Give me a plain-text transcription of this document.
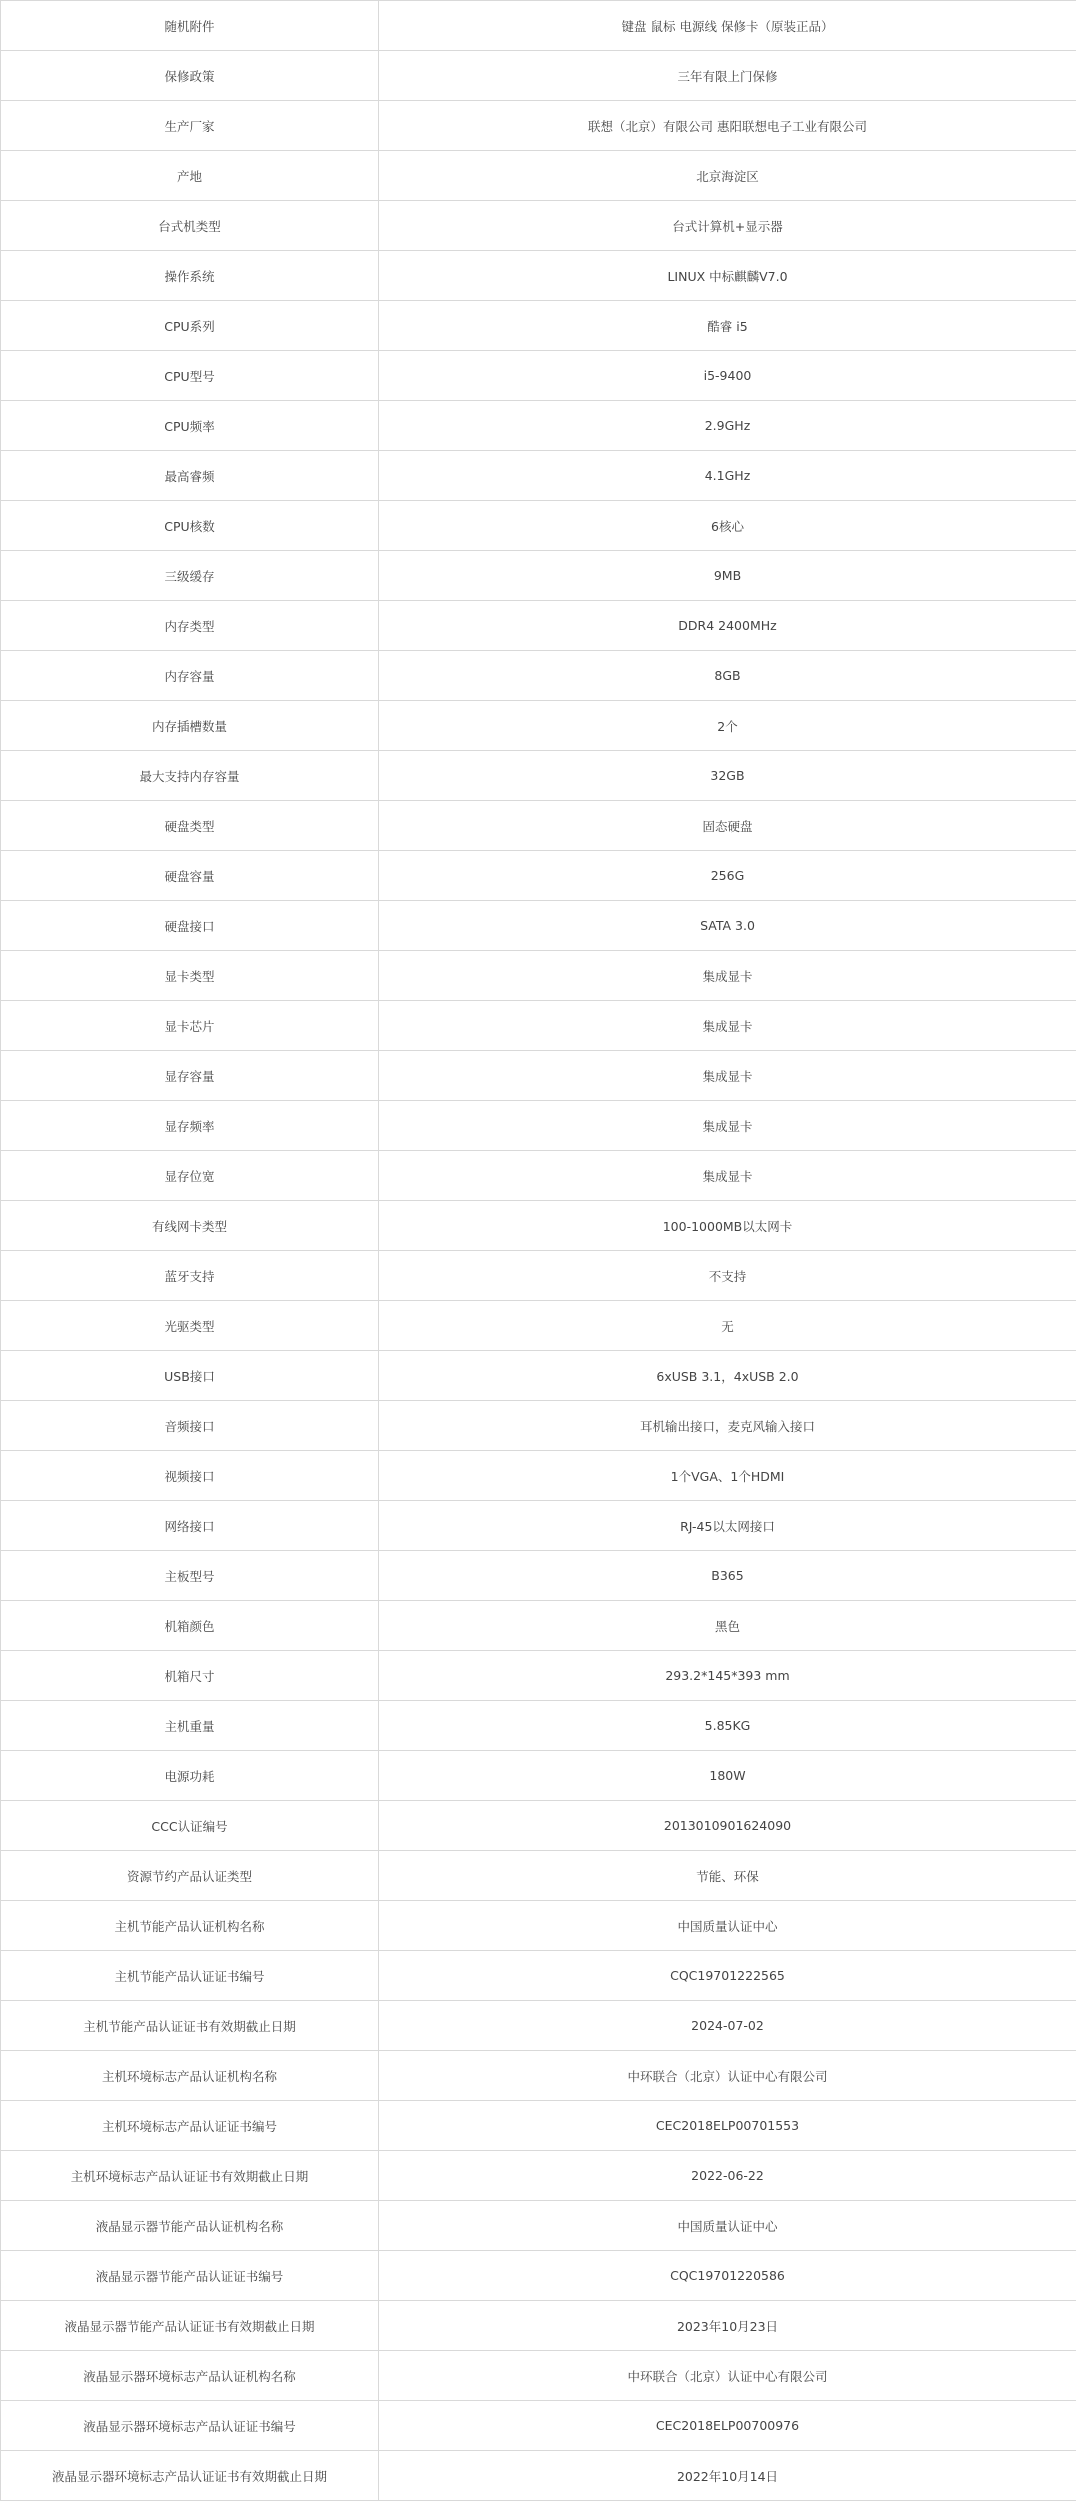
随机附件	键盘 鼠标 电源线 保修卡（原装正品）
保修政策	三年有限上门保修
生产厂家	联想（北京）有限公司 惠阳联想电子工业有限公司
产地	北京海淀区
台式机类型	台式计算机+显示器
操作系统	LINUX 中标麒麟V7.0
CPU系列	酷睿 i5
CPU型号	i5-9400
CPU频率	2.9GHz
最高睿频	4.1GHz
CPU核数	6核心
三级缓存	9MB
内存类型	DDR4 2400MHz
内存容量	8GB
内存插槽数量	2个
最大支持内存容量	32GB
硬盘类型	固态硬盘
硬盘容量	256G
硬盘接口	SATA 3.0
显卡类型	集成显卡
显卡芯片	集成显卡
显存容量	集成显卡
显存频率	集成显卡
显存位宽	集成显卡
有线网卡类型	100-1000MB以太网卡
蓝牙支持	不支持
光驱类型	无
USB接口	6xUSB 3.1，4xUSB 2.0
音频接口	耳机输出接口，麦克风输入接口
视频接口	1个VGA、1个HDMI
网络接口	RJ-45以太网接口
主板型号	B365
机箱颜色	黑色
机箱尺寸	293.2*145*393 mm
主机重量	5.85KG
电源功耗	180W
CCC认证编号	2013010901624090
资源节约产品认证类型	节能、环保
主机节能产品认证机构名称	中国质量认证中心
主机节能产品认证证书编号	CQC19701222565
主机节能产品认证证书有效期截止日期	2024-07-02
主机环境标志产品认证机构名称	中环联合（北京）认证中心有限公司
主机环境标志产品认证证书编号	CEC2018ELP00701553
主机环境标志产品认证证书有效期截止日期	2022-06-22
液晶显示器节能产品认证机构名称	中国质量认证中心
液晶显示器节能产品认证证书编号	CQC19701220586
液晶显示器节能产品认证证书有效期截止日期	2023年10月23日
液晶显示器环境标志产品认证机构名称	中环联合（北京）认证中心有限公司
液晶显示器环境标志产品认证证书编号	CEC2018ELP00700976
液晶显示器环境标志产品认证证书有效期截止日期	2022年10月14日
